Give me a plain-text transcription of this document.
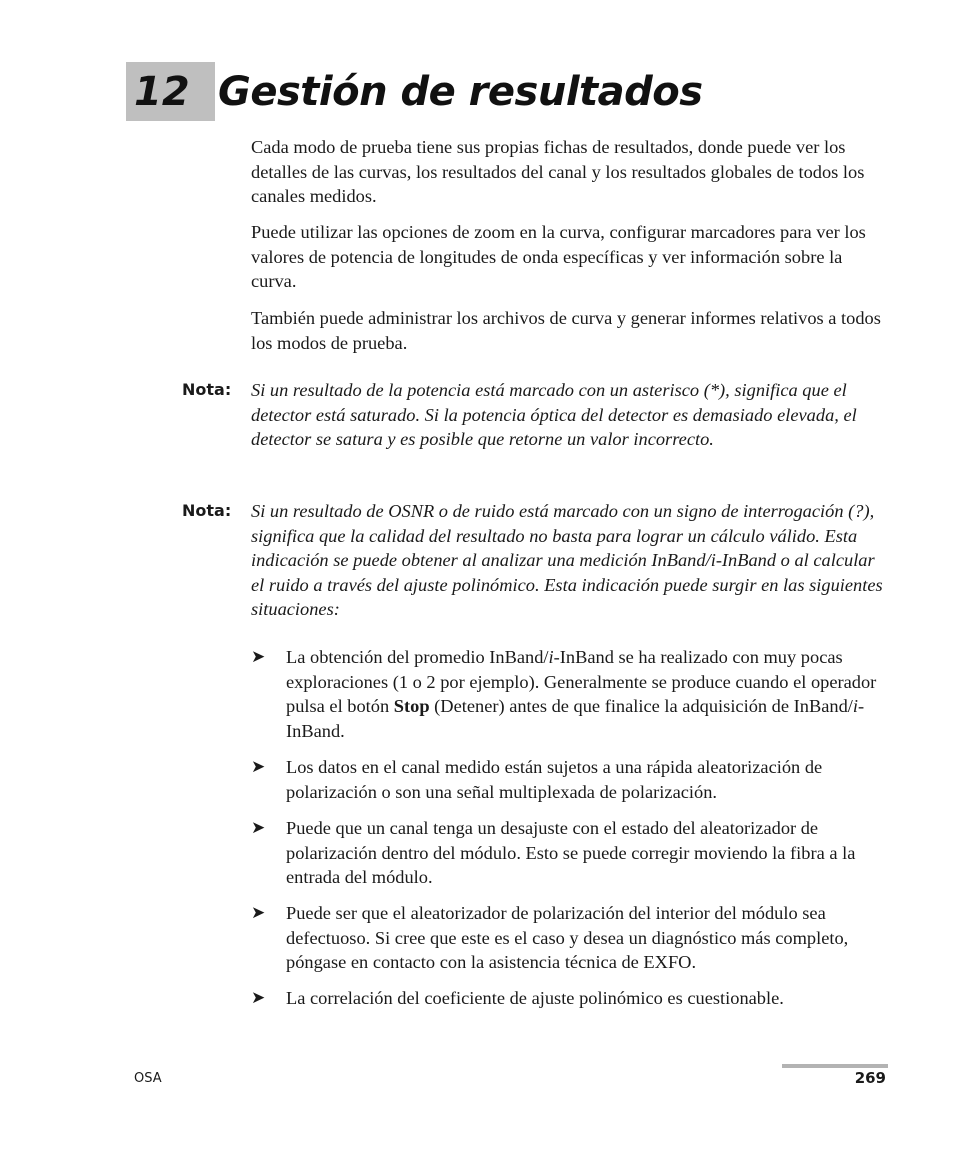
12 Gestión de resultados
Cada modo de prueba tiene sus propias fichas de resultados, donde puede ver los detalles de las curvas, los resultados del canal y los resultados globales de todos los canales medidos.
Puede utilizar las opciones de zoom en la curva, configurar marcadores para ver los valores de potencia de longitudes de onda específicas y ver información sobre la curva.
También puede administrar los archivos de curva y generar informes relativos a todos los modos de prueba.
Nota: Si un resultado de la potencia está marcado con un asterisco (*), significa que el detector está saturado. Si la potencia óptica del detector es demasiado elevada, el detector se satura y es posible que retorne un valor incorrecto.
Nota: Si un resultado de OSNR o de ruido está marcado con un signo de interrogación (?), significa que la calidad del resultado no basta para lograr un cálculo válido. Esta indicación se puede obtener al analizar una medición InBand/i-InBand o al calcular el ruido a través del ajuste polinómico. Esta indicación puede surgir en las siguientes situaciones:
➤ La obtención del promedio InBand/i-InBand se ha realizado con muy pocas exploraciones (1 o 2 por ejemplo). Generalmente se produce cuando el operador pulsa el botón Stop (Detener) antes de que finalice la adquisición de InBand/i-InBand.
➤ Los datos en el canal medido están sujetos a una rápida aleatorización de polarización o son una señal multiplexada de polarización.
➤ Puede que un canal tenga un desajuste con el estado del aleatorizador de polarización dentro del módulo. Esto se puede corregir moviendo la fibra a la entrada del módulo.
➤ Puede ser que el aleatorizador de polarización del interior del módulo sea defectuoso. Si cree que este es el caso y desea un diagnóstico más completo, póngase en contacto con la asistencia técnica de EXFO.
➤ La correlación del coeficiente de ajuste polinómico es cuestionable.
OSA	269
